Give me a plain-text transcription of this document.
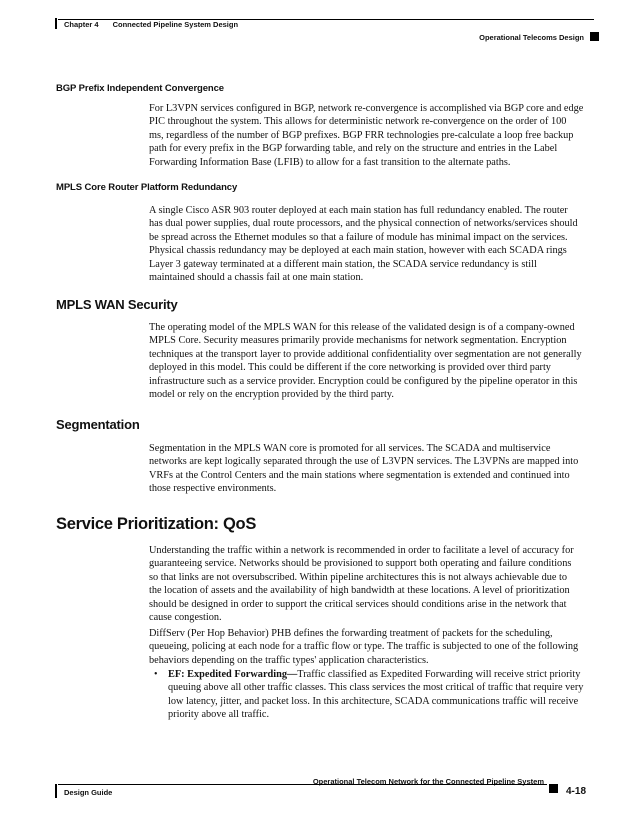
Chapter 4 Connected Pipeline System Design
Operational Telecoms Design
BGP Prefix Independent Convergence

For L3VPN services configured in BGP, network re-convergence is accomplished via BGP core and edge
PIC throughout the system. This allows for deterministic network re-convergence on the order of 100
ms, regardless of the number of BGP prefixes. BGP FRR technologies pre-calculate a loop free backup
path for every prefix in the BGP forwarding table, and rely on the structure and entries in the Label
Forwarding Information Base (LFIB) to allow for a fast transition to the alternate paths.

MPLS Core Router Platform Redundancy

A single Cisco ASR 903 router deployed at each main station has full redundancy enabled. The router
has dual power supplies, dual route processors, and the physical connection of networks/services should
be spread across the Ethernet modules so that a failure of module has minimal impact on the services.
Physical chassis redundancy may be deployed at each main station, however with each SCADA rings
Layer 3 gateway terminated at a different main station, the SCADA service redundancy is still
maintained should a chassis fail at one main station.

MPLS WAN Security

The operating model of the MPLS WAN for this release of the validated design is of a company-owned
MPLS Core. Security measures primarily provide mechanisms for network segmentation. Encryption
techniques at the transport layer to provide additional confidentiality over segmentation are not generally
deployed in this model. This could be different if the core networking is provided over third party
infrastructure such as a service provider. Encryption could be configured by the pipeline operator in this
model or rely on the encryption provided by the third party.

Segmentation

Segmentation in the MPLS WAN core is promoted for all services. The SCADA and multiservice
networks are kept logically separated through the use of L3VPN services. The L3VPNs are mapped into
VRFs at the Control Centers and the main stations where segmentation is extended and continued into
those respective environments.

Service Prioritization: QoS

Understanding the traffic within a network is recommended in order to facilitate a level of accuracy for
guaranteeing service. Networks should be provisioned to support both operating and failure conditions
so that links are not oversubscribed. Within pipeline architectures this is not always achievable due to
the location of assets and the availability of high bandwidth at these locations. A level of prioritization
should be designed in order to support the critical services should conditions arise in the network that
cause congestion.

DiffServ (Per Hop Behavior) PHB defines the forwarding treatment of packets for the scheduling,
queueing, policing at each node for a traffic flow or type. The traffic is subjected to one of the following
behaviors depending on the traffic types' application characteristics.

• EF: Expedited Forwarding—Traffic classified as Expedited Forwarding will receive strict priority
queuing above all other traffic classes. This class services the most critical of traffic that require very
low latency, jitter, and packet loss. In this architecture, SCADA communications traffic will receive
priority above all traffic.

Operational Telecom Network for the Connected Pipeline System
Design Guide	4-18
